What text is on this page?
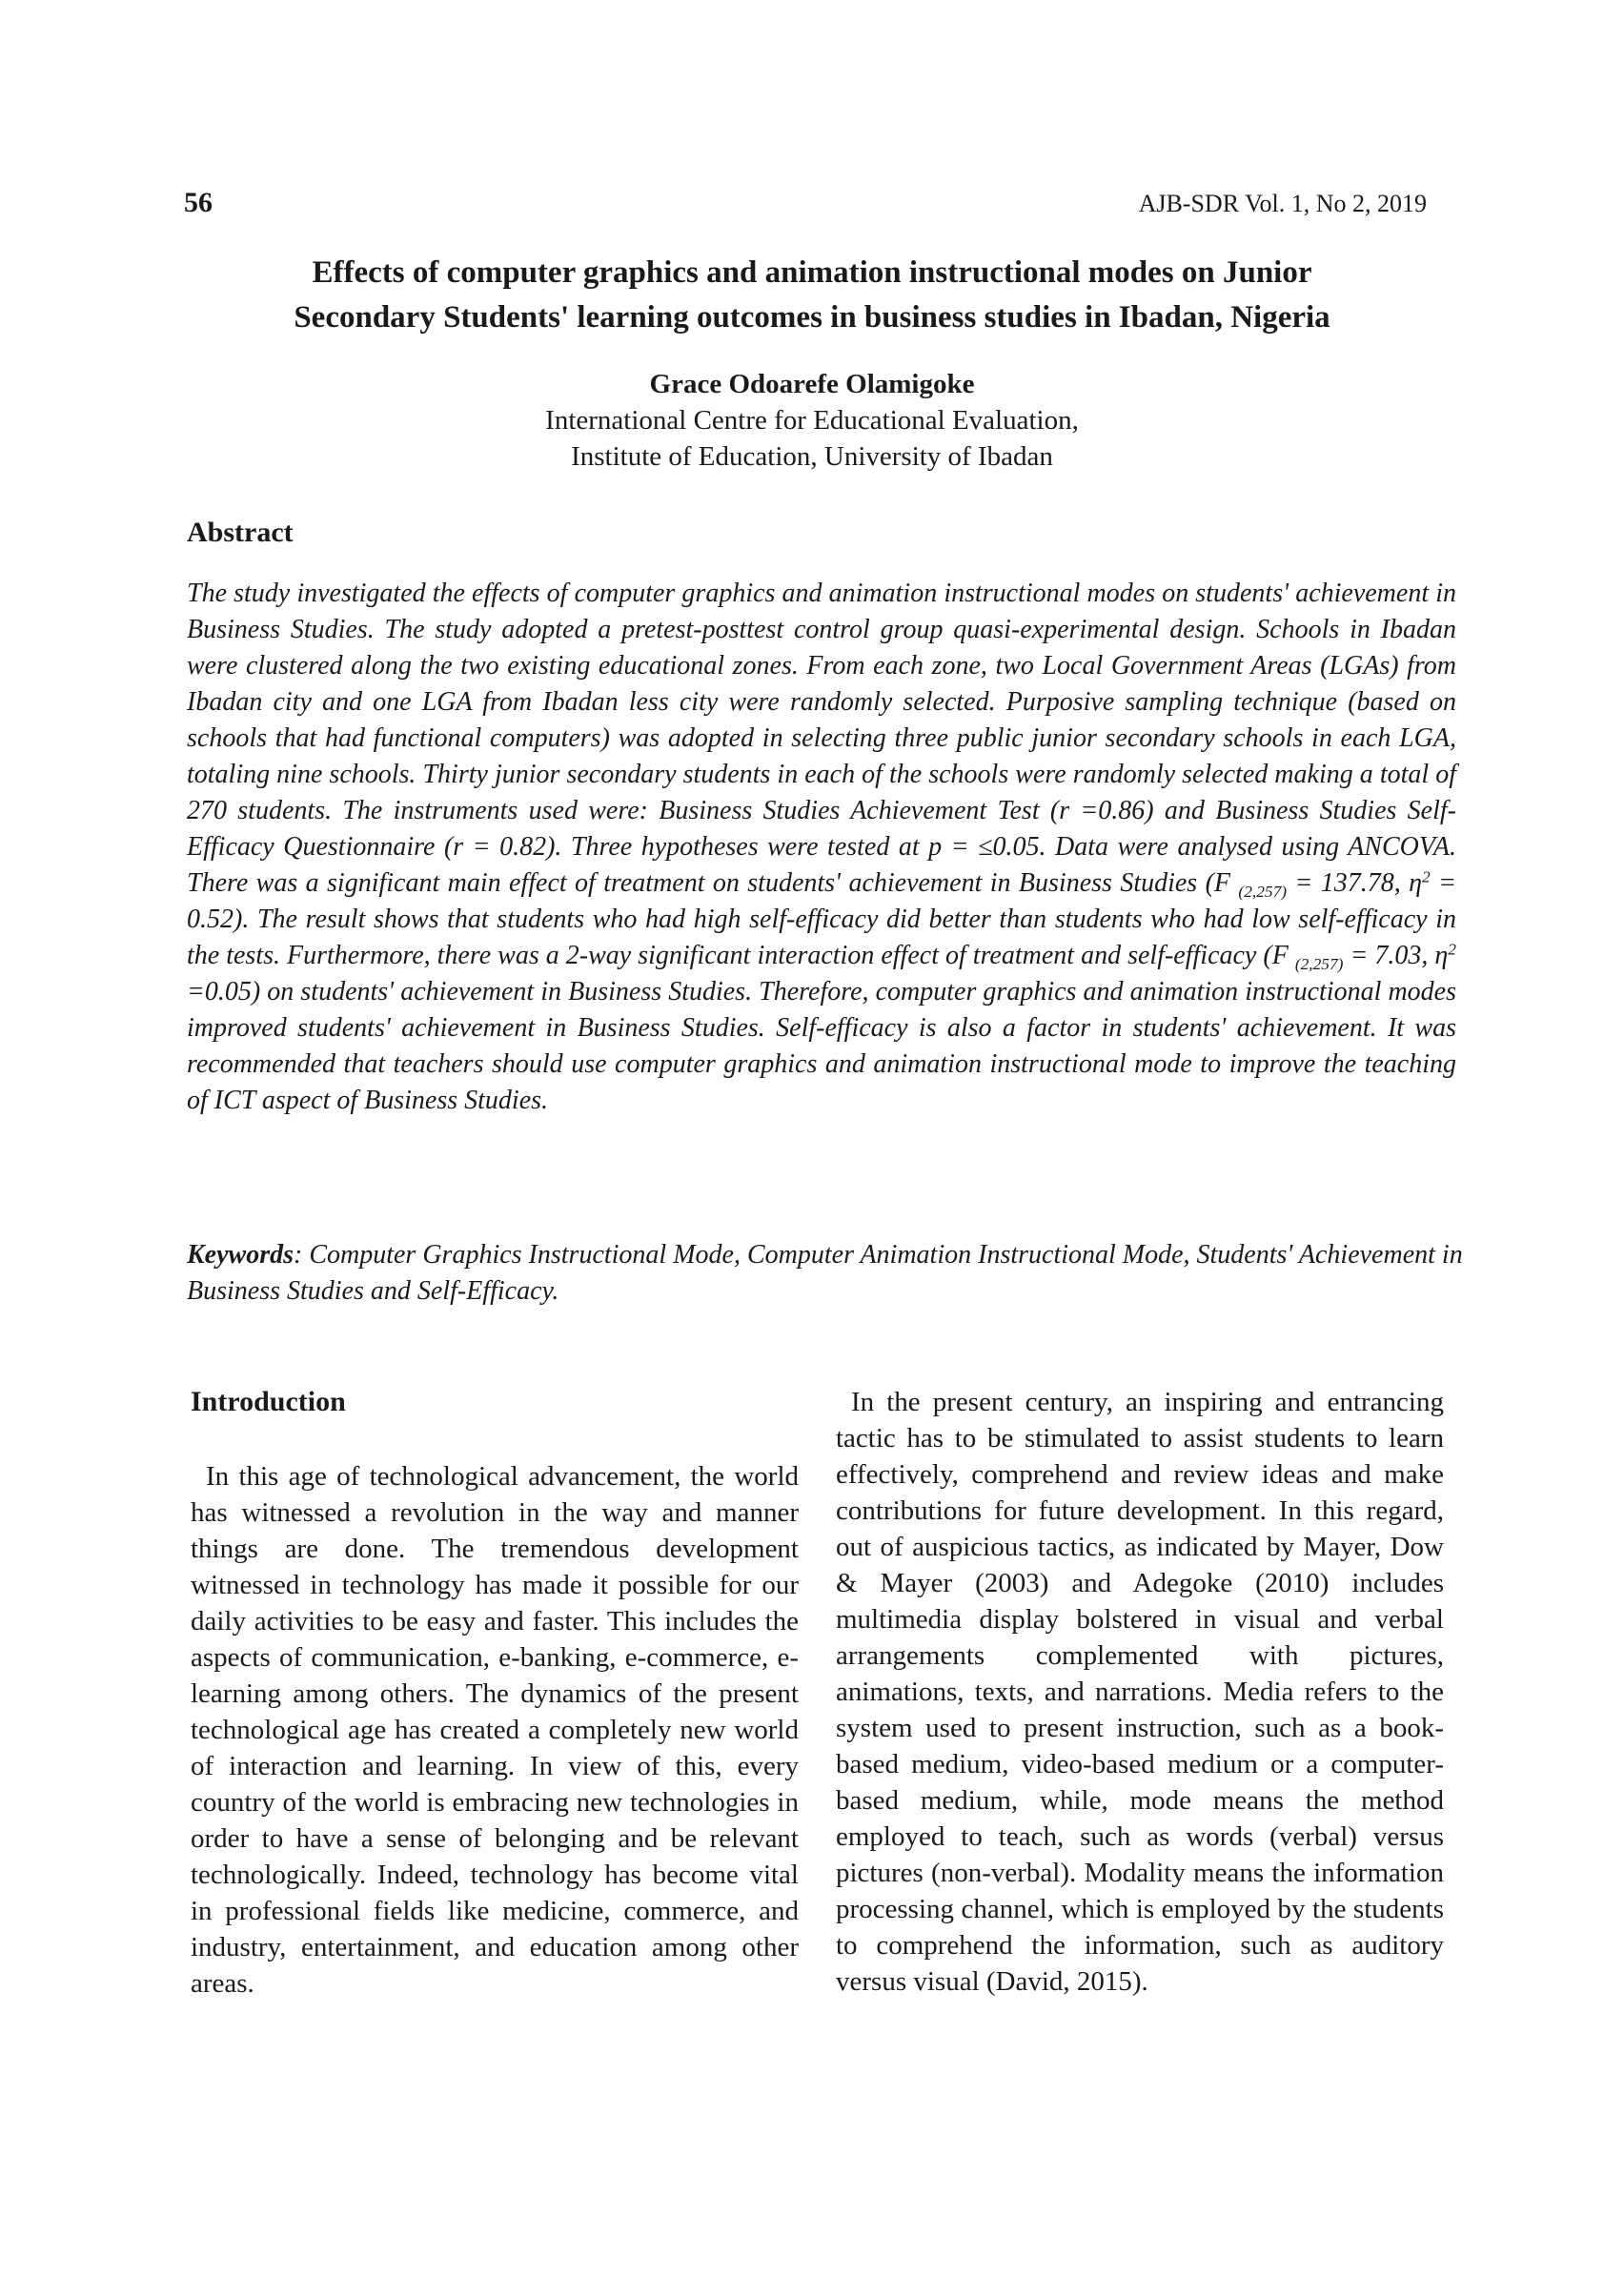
56	AJB-SDR Vol. 1, No 2, 2019
Effects of computer graphics and animation instructional modes on Junior
Secondary Students' learning outcomes in business studies in Ibadan, Nigeria
Grace Odoarefe Olamigoke
International Centre for Educational Evaluation,
Institute of Education, University of Ibadan
Abstract

The study investigated the effects of computer graphics and animation instructional modes on students' achievement in Business Studies. The study adopted a pretest-posttest control group quasi-experimental design. Schools in Ibadan were clustered along the two existing educational zones. From each zone, two Local Government Areas (LGAs) from Ibadan city and one LGA from Ibadan less city were randomly selected. Purposive sampling technique (based on schools that had functional computers) was adopted in selecting three public junior secondary schools in each LGA, totaling nine schools. Thirty junior secondary students in each of the schools were randomly selected making a total of 270 students. The instruments used were: Business Studies Achievement Test (r =0.86) and Business Studies Self-Efficacy Questionnaire (r = 0.82). Three hypotheses were tested at p = ≤0.05. Data were analysed using ANCOVA. There was a significant main effect of treatment on students' achievement in Business Studies (F $_{(2,257)}$ = 137.78, $\eta^2 = 0.52$). The result shows that students who had high self-efficacy did better than students who had low self-efficacy in the tests. Furthermore, there was a 2-way significant interaction effect of treatment and self-efficacy (F $_{(2,257)}$ = 7.03, $\eta^2 =0.05$) on students' achievement in Business Studies. Therefore, computer graphics and animation instructional modes improved students' achievement in Business Studies. Self-efficacy is also a factor in students' achievement. It was recommended that teachers should use computer graphics and animation instructional mode to improve the teaching of ICT aspect of Business Studies.

Keywords: Computer Graphics Instructional Mode, Computer Animation Instructional Mode, Students' Achievement in Business Studies and Self-Efficacy.

Introduction

In this age of technological advancement, the world has witnessed a revolution in the way and manner things are done. The tremendous development witnessed in technology has made it possible for our daily activities to be easy and faster. This includes the aspects of communication, e-banking, e-commerce, e-learning among others. The dynamics of the present technological age has created a completely new world of interaction and learning. In view of this, every country of the world is embracing new technologies in order to have a sense of belonging and be relevant technologically. Indeed, technology has become vital in professional fields like medicine, commerce, and industry, entertainment, and education among other areas.

In the present century, an inspiring and entrancing tactic has to be stimulated to assist students to learn effectively, comprehend and review ideas and make contributions for future development. In this regard, out of auspicious tactics, as indicated by Mayer, Dow & Mayer (2003) and Adegoke (2010) includes multimedia display bolstered in visual and verbal arrangements complemented with pictures, animations, texts, and narrations. Media refers to the system used to present instruction, such as a book-based medium, video-based medium or a computer-based medium, while, mode means the method employed to teach, such as words (verbal) versus pictures (non-verbal). Modality means the information processing channel, which is employed by the students to comprehend the information, such as auditory versus visual (David, 2015).
